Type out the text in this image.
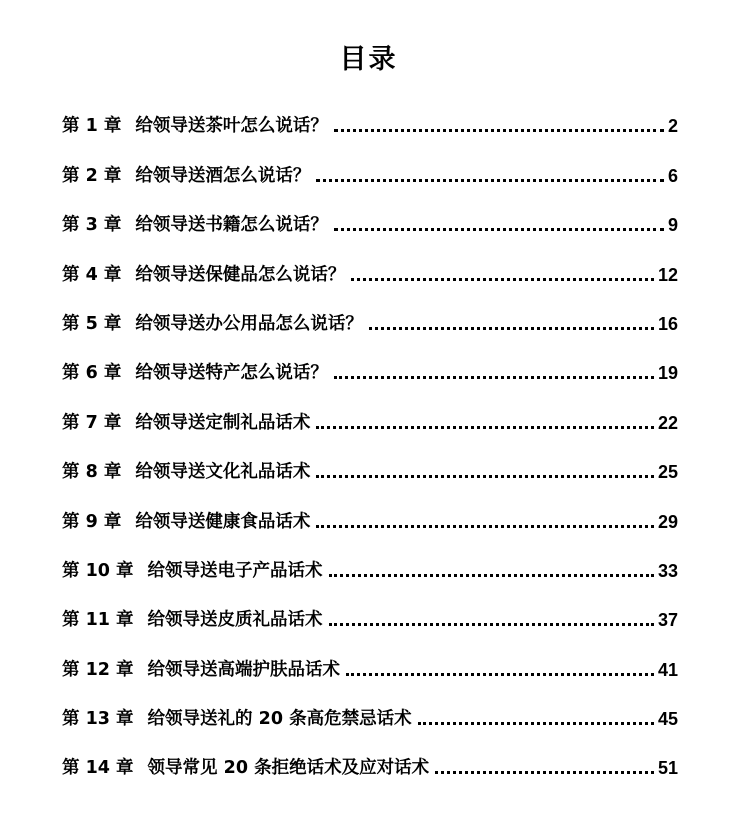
目录
第 1 章 给领导送茶叶怎么说话？	2
第 2 章 给领导送酒怎么说话？	6
第 3 章 给领导送书籍怎么说话？	9
第 4 章 给领导送保健品怎么说话？	12
第 5 章 给领导送办公用品怎么说话？	16
第 6 章 给领导送特产怎么说话？	19
第 7 章 给领导送定制礼品话术	22
第 8 章 给领导送文化礼品话术	25
第 9 章 给领导送健康食品话术	29
第 10 章 给领导送电子产品话术	33
第 11 章 给领导送皮质礼品话术	37
第 12 章 给领导送高端护肤品话术	41
第 13 章 给领导送礼的 20 条高危禁忌话术	45
第 14 章 领导常见 20 条拒绝话术及应对话术	51
